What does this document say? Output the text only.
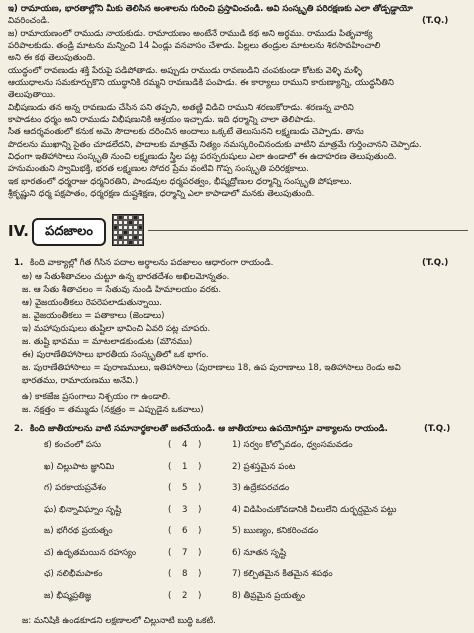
ఇ) రామాయణ, భారతాల్లోని మీకు తెలిసిన అంశాలను గురించి ప్రస్తావించండి. అవి సంస్కృతి పరిరక్షణకు ఎలా తోడ్పడ్డాయో
వివరించండి.	(T.Q.)
జ) రామాయణంలో రాముడు నాయకుడు. రామాయణం అంటేనే రాముడి కథ అని అర్థము. రాముడు పితృవాక్య
పరిపాలకుడు. తండ్రి మాటను మన్నించి 14 ఏండ్లు వనవాసం చేశాడు. పిల్లలు తండ్రుల మాటలను శిరసావహించాలి
అని ఈ కథ తెలుపుతుంది.
యుద్ధంలో రావణుడు శక్తి పేరుపై పడిపోతాడు. అప్పుడు రాముడు రావణుడిని చంపకుండా కోటకు వెళ్ళి మళ్ళీ
ఆయుధాలను సమకూర్చుకొని యుద్ధానికి రమ్మని రావణుడికి పంపాడు. ఈ కార్యాలు రాముని కారుణ్యాన్ని, యుద్ధనీతిని
తెలుపుతాయి.
విభీషణుడు తన అన్న రావణుడు చేసిన పని తప్పని, అతణ్ణి విడిచి రాముని శరణుకోరాడు. శరణన్న వారిని
కాపాడటం ధర్మం అని రాముడు విభీషణునికి ఆశ్రయం ఇచ్చాడు. ఇది ధర్మాన్ని చాలా తెలిపాడు.
సీత ఆదర్శవంతులో కనుక అమె సౌదాలకు దరించిన అందాలు ఒక్కటే తెలుసునని లక్ష్మణుడు చెప్పాడు. తాను
పొదలను ముఖాన్ని సైతం చూడలేదని, పాదాలకు మాత్రమే నిత్యం నమస్కరించినందుకు వాటిని మాత్రమే గుర్తించానని చెప్పాడు.
విధంగా ఇతిహాసాలు సంస్కృతి నుంచి లక్ష్మణుడు స్త్రీల పట్ల పరస్పరుషులు ఎలా ఉండాలో ఈ ఉదాహరణ తెలుపుతుంది.
హనుమంతుని స్వామిభక్తి, భరత లక్ష్మణుల సోదర ప్రేమ వంటివి గొప్ప సంస్కృతి పరిరక్షకాలు.
ఇక భారతంలో ధర్మరాజు ధర్మనిరతిని, పాండవుల ధర్మపరత్వం, భీష్మద్రోణుల ధర్మాన్ని సంస్కృతి పోషకాలు.
శ్రీకృష్ణుని ధర్మ పక్షపాతం, ధర్మరక్షణ దుష్టశిక్షణ, ధర్మాన్ని ఎలా కాపాడాలో మనకు తెలుపుతుంది.
IV.	పదజాలం
1. కింది వాక్యాల్లో గీత గీసిన పదాల అర్థాలను పదజాలం ఆధారంగా రాయండి.	(T.Q.)
అ) ఆ సేతుశీతాచలం చుట్టూ ఉన్న భారతదేశం అఖిలమోన్నతం.
జ. ఆ సేతు శీతాచలం = సేతువు నుండి హిమాలయం వరకు.
ఆ) వైజయంతీకలు రెపరెపలాడుతున్నాయి.
జ. వైజయంతీకలు = పతాకాలు (జెండాలు)
ఇ) మహాపురుషులు తుష్టిలా భావించి ఏవరి పట్ల చూపరు.
జ. తుష్టి భావము = మాటలాడకుండుట (మౌనము)
ఈ) పురాణేతిహాసాలు భారతీయ సంస్కృతిలో ఒక భాగం.
జ. పురాణేతిహాసాలు = పురాణములు, ఇతిహాసాలు (పురాణాలు 18, ఉప పురాణాలు 18, ఇతిహాసాలు రెండు అవి
భారతము, రామాయణము అనేవి.)
ఉ) కాకజేజ ప్రసంగాలు నిశ్చయం గా ఉండాలి.
జ. నక్షత్తం = తమ్ముడు (నక్షత్రం = ఎప్పుడైన ఒకవాలు)
2. కింది జాతీయాలను వాటి సమానార్థకాలతో జతచేయండి. ఆ జాతీయాలు ఉపయోగిస్తూ వాక్యాలను రాయండి.	(T.Q.)
క) కంచంలో పసు	( 4	)	1) సర్వం కోల్పోవడం, ధ్వంసమవడం
ఖ) చిల్లుపాట జ్ఞానిమి	( 1	)	2) ప్రశస్తమైన పంట
గ) పరకాయప్రవేశం	( 5	)	3) ఉద్రేకపరచడం
ఘ) భిన్నావిఘ్నాం సృష్టి	( 3	)	4) విడిపించుకోవడానికి వీలులేని దుర్భర్షమైన పట్టు
ఙ) భగీరథ ప్రయత్నం	( 6	)	5) ఋణ్యం, కనికరించడం
చ) ఉదృతమయిన రహస్యం	( 7	)	6) నూతన సృష్టి
ఛ) నలిభీమపాకం	( 8	)	7) కల్పితమైన కీతమైన శపథం
జ) భీష్మప్రతిజ్ఞ	( 2	)	8) తీవ్రమైన ప్రయత్నం
జ: మనిషికి ఉండకూడని లక్షణాలలో చిల్లునాటి బుద్ధి ఒకటి.
